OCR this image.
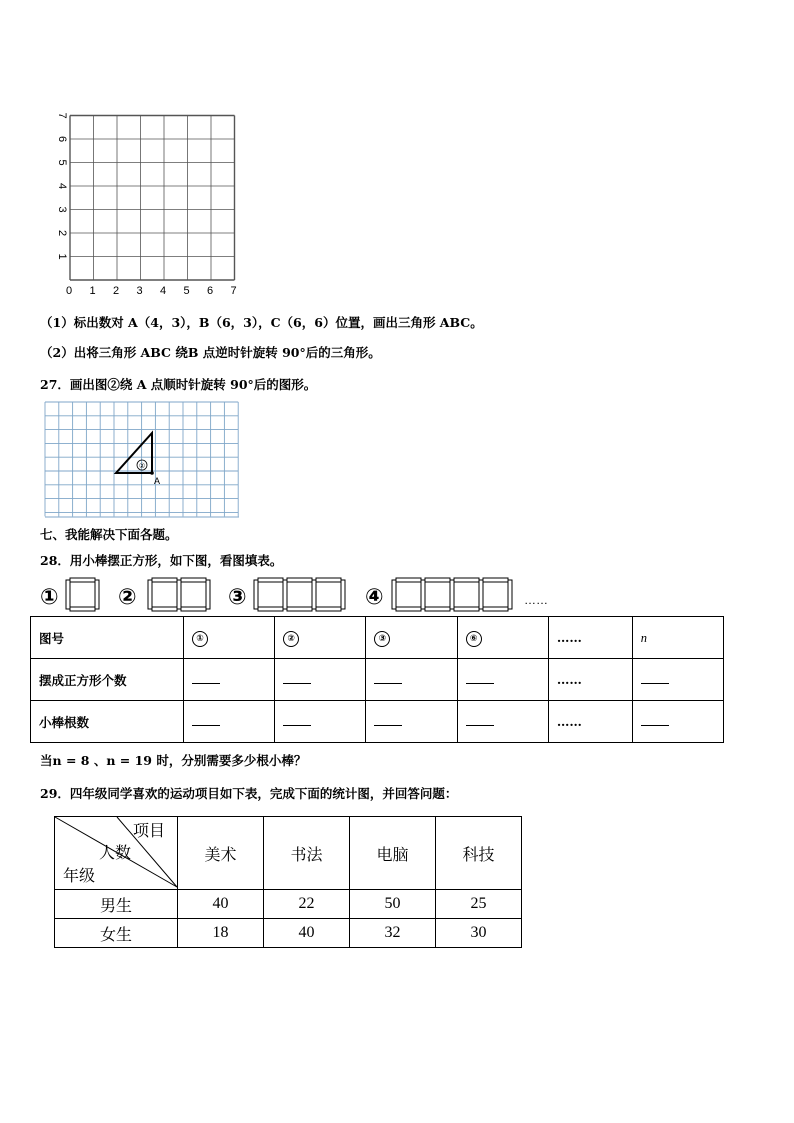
0 1 2 3 4 5 6 7
1
2
3
4
5
6
7
（1）标出数对 A（4，3），B（6，3），C（6，6）位置，画出三角形 ABC。
（2）出将三角形 ABC 绕B 点逆时针旋转 90°后的三角形。
27．画出图②绕 A 点顺时针旋转 90°后的图形。
②
A
七、我能解决下面各题。
28．用小棒摆正方形，如下图，看图填表。
①	②	③	④	……
图号	①	②	③	⑥	……	n
摆成正方形个数					……	
小棒根数					……	
当n = 8 、n = 19 时，分别需要多少根小棒？
29．四年级同学喜欢的运动项目如下表，完成下面的统计图，并回答问题：
项目
人数
年级	美术	书法	电脑	科技
男生	40	22	50	25
女生	18	40	32	30
